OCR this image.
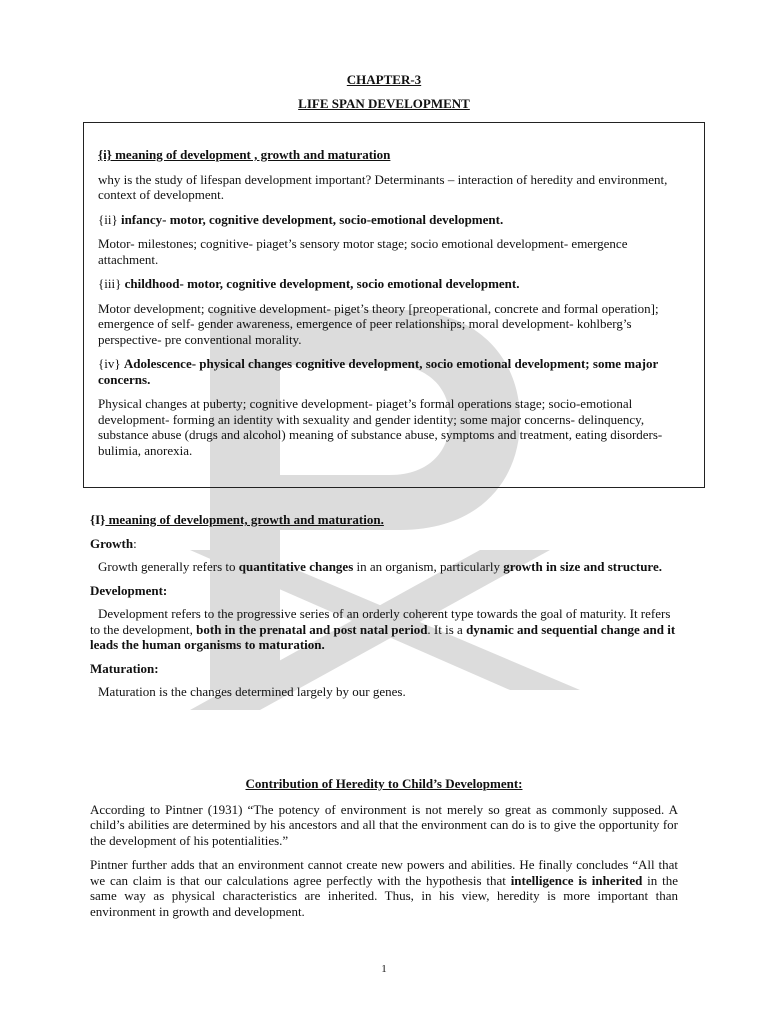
CHAPTER-3
LIFE SPAN DEVELOPMENT

{i} meaning of development , growth and maturation

why is the study of lifespan development important? Determinants – interaction of heredity and environment, context of development.

{ii} infancy- motor, cognitive development, socio-emotional development.

Motor- milestones; cognitive- piaget’s sensory motor stage; socio emotional development- emergence attachment.

{iii} childhood- motor, cognitive development, socio emotional development.

Motor development; cognitive development- piget’s theory [preoperational, concrete and formal operation]; emergence of self- gender awareness, emergence of peer relationships; moral development- kohlberg’s perspective- pre conventional morality.

{iv} Adolescence- physical changes cognitive development, socio emotional development; some major concerns.

Physical changes at puberty; cognitive development- piaget’s formal operations stage; socio-emotional development- forming an identity with sexuality and gender identity; some major concerns- delinquency, substance abuse (drugs and alcohol) meaning of substance abuse, symptoms and treatment, eating disorders- bulimia, anorexia.

{I} meaning of development, growth and maturation.

Growth:

Growth generally refers to quantitative changes in an organism, particularly growth in size and structure.

Development:

Development refers to the progressive series of an orderly coherent type towards the goal of maturity. It refers to the development, both in the prenatal and post natal period. It is a dynamic and sequential change and it leads the human organisms to maturation.

Maturation:

Maturation is the changes determined largely by our genes.

Contribution of Heredity to Child’s Development:

According to Pintner (1931) “The potency of environment is not merely so great as commonly supposed. A child’s abilities are determined by his ancestors and all that the environment can do is to give the opportunity for the development of his potentialities.”

Pintner further adds that an environment cannot create new powers and abilities. He finally concludes “All that we can claim is that our calculations agree perfectly with the hypothesis that intelligence is inherited in the same way as physical characteristics are inherited. Thus, in his view, heredity is more important than environment in growth and development.

1
